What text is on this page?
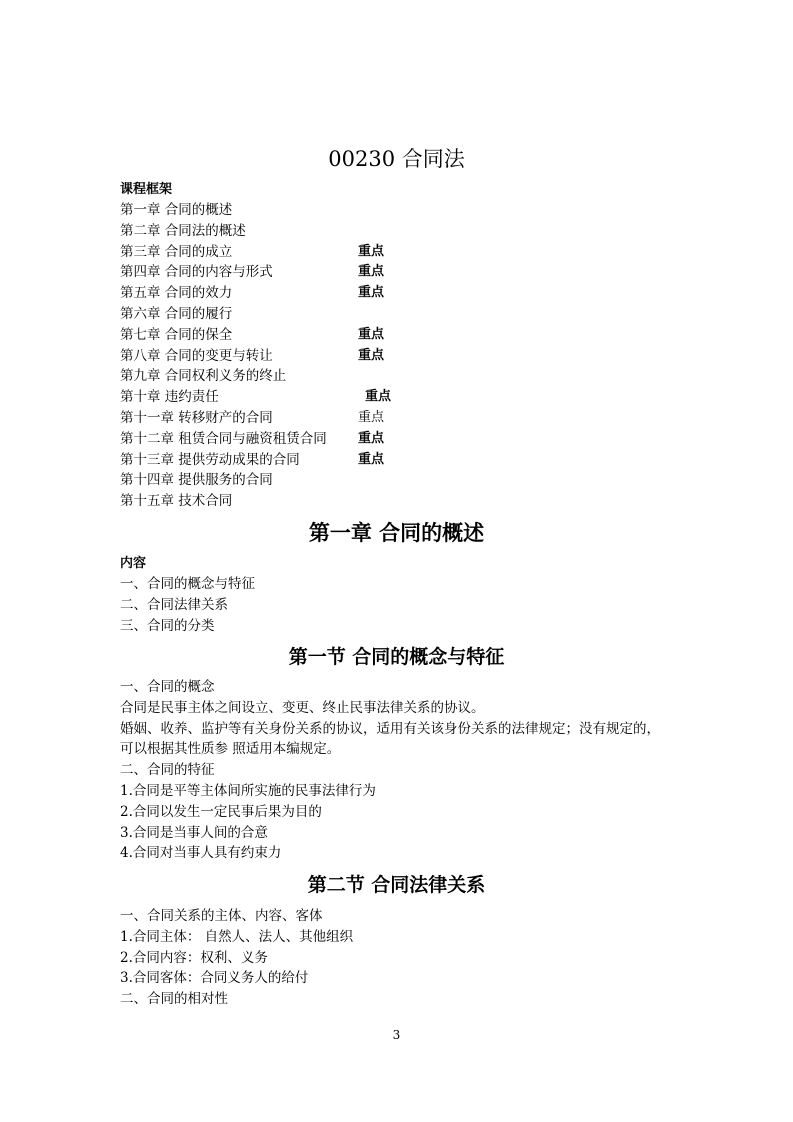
00230 合同法
课程框架
第一章 合同的概述
第二章 合同法的概述
第三章 合同的成立	重点
第四章 合同的内容与形式	重点
第五章 合同的效力	重点
第六章 合同的履行
第七章 合同的保全	重点
第八章 合同的变更与转让	重点
第九章 合同权利义务的终止
第十章 违约责任	重点
第十一章 转移财产的合同	重点
第十二章 租赁合同与融资租赁合同 重点
第十三章 提供劳动成果的合同	重点
第十四章 提供服务的合同
第十五章 技术合同
第一章 合同的概述
内容
一、合同的概念与特征
二、合同法律关系
三、合同的分类
第一节 合同的概念与特征
一、合同的概念
合同是民事主体之间设立、变更、终止民事法律关系的协议。
婚姻、收养、监护等有关身份关系的协议，适用有关该身份关系的法律规定；没有规定的，
可以根据其性质参 照适用本编规定。
二、合同的特征
1.合同是平等主体间所实施的民事法律行为
2.合同以发生一定民事后果为目的
3.合同是当事人间的合意
4.合同对当事人具有约束力
第二节 合同法律关系
一、合同关系的主体、内容、客体
1.合同主体： 自然人、法人、其他组织
2.合同内容：权利、义务
3.合同客体：合同义务人的给付
二、合同的相对性
3
